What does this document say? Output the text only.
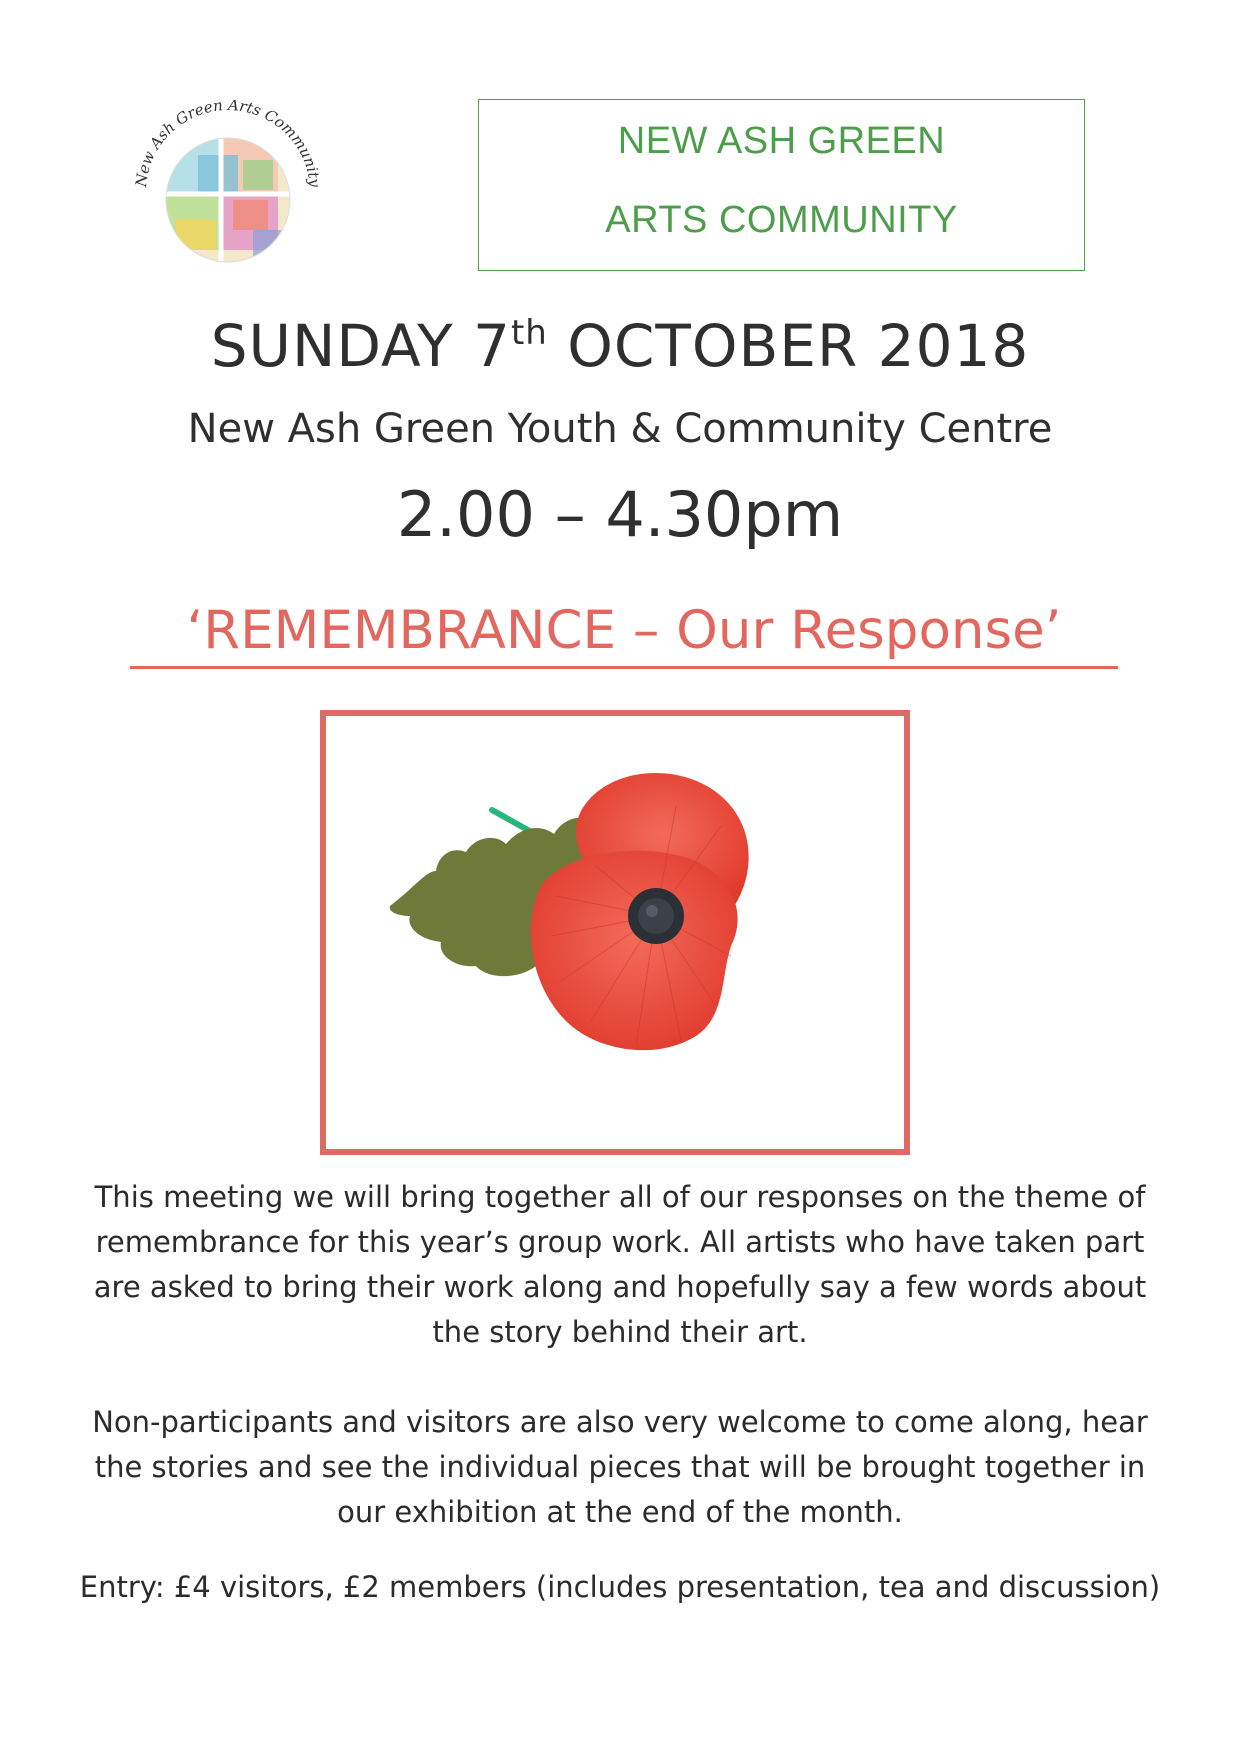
New Ash Green Arts Community
NEW ASH GREEN
ARTS COMMUNITY
SUNDAY 7th OCTOBER 2018
New Ash Green Youth & Community Centre
2.00 – 4.30pm
‘REMEMBRANCE – Our Response’
This meeting we will bring together all of our responses on the theme of remembrance for this year’s group work. All artists who have taken part are asked to bring their work along and hopefully say a few words about the story behind their art.
Non-participants and visitors are also very welcome to come along, hear the stories and see the individual pieces that will be brought together in our exhibition at the end of the month.
Entry: £4 visitors, £2 members (includes presentation, tea and discussion)
